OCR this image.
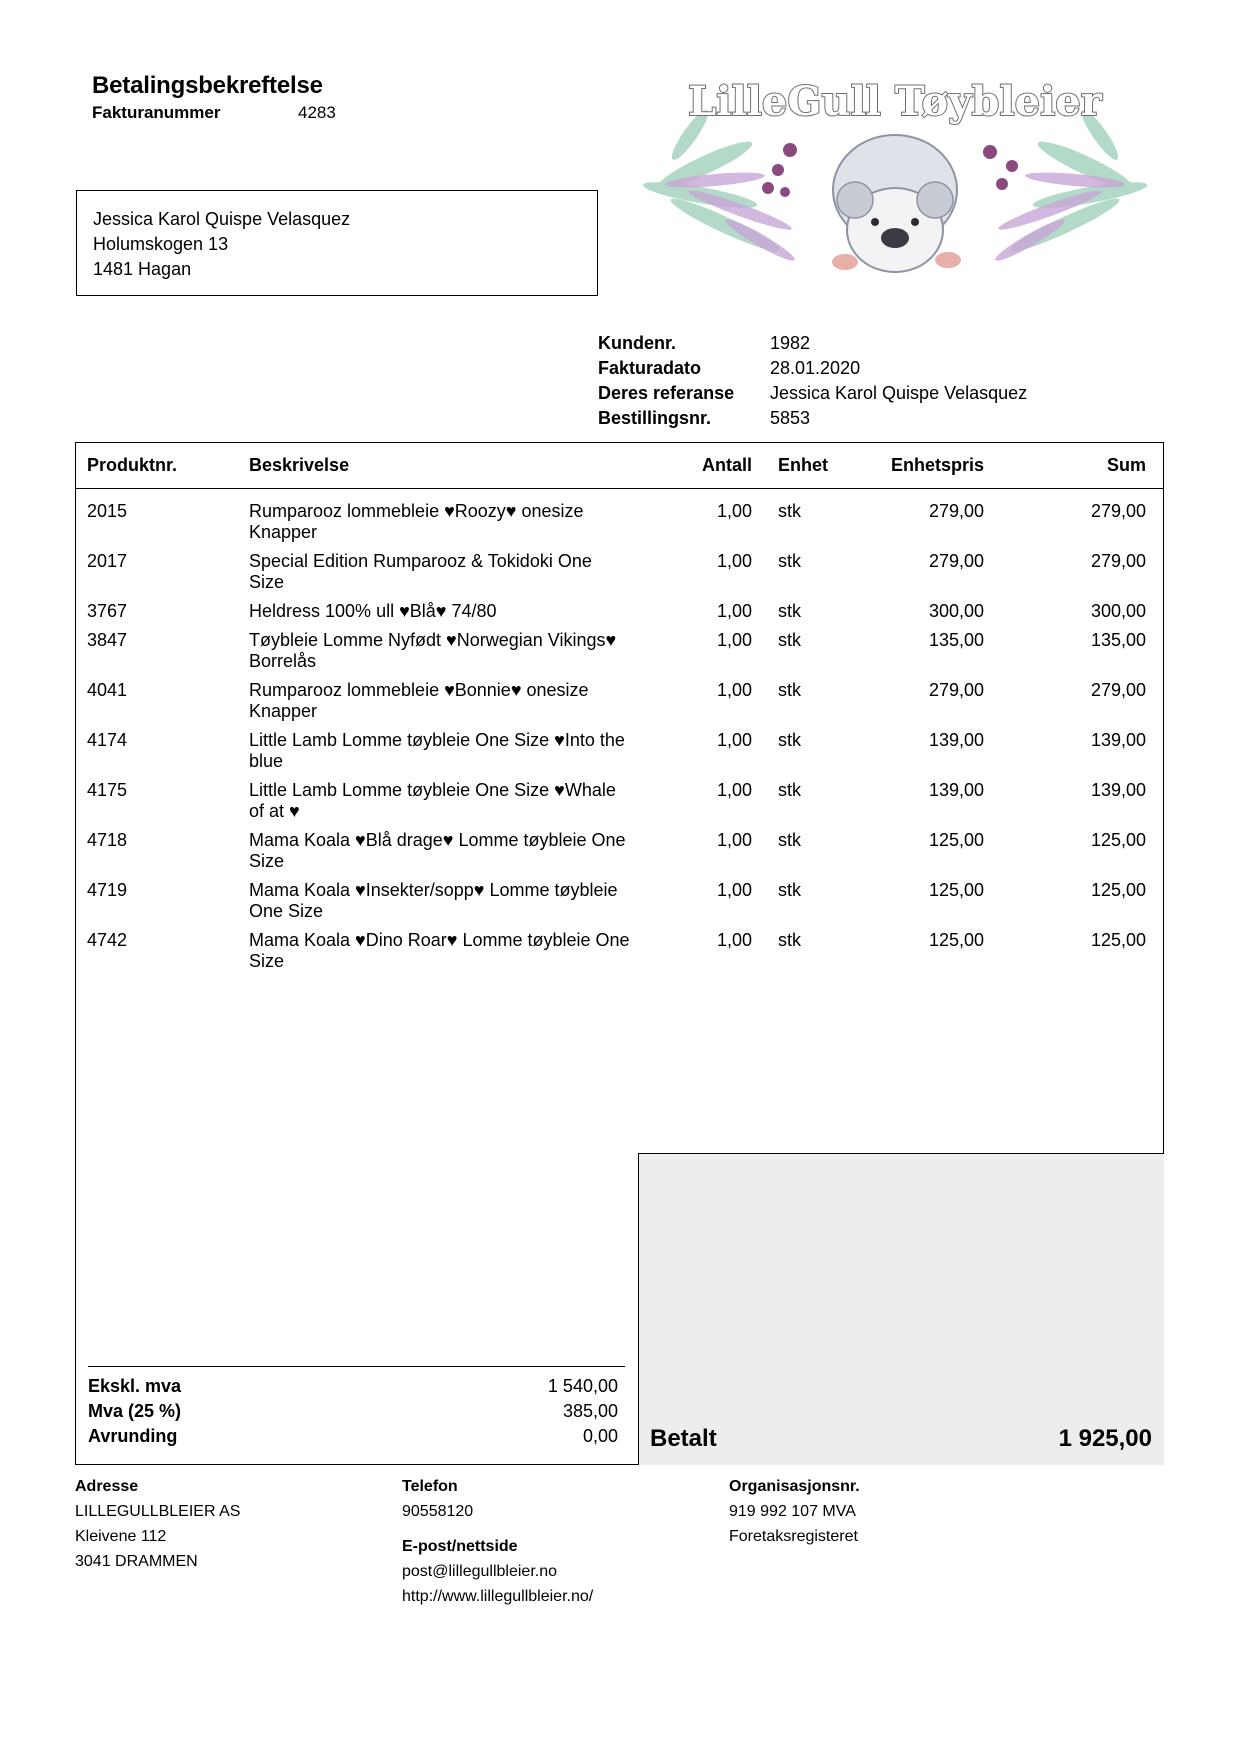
Betalingsbekreftelse
Fakturanummer	4283	LilleGull Tøybleier
Jessica Karol Quispe Velasquez
Holumskogen 13
1481 Hagan
Kundenr.	1982
Fakturadato	28.01.2020
Deres referanse Jessica Karol Quispe Velasquez
Bestillingsnr.	5853
Produktnr.	Beskrivelse	Antall Enhet	Enhetspris	Sum
2015	Rumparooz lommebleie ♥Roozy♥ onesize
Knapper
1,00 stk	279,00	279,00
2017	Special Edition Rumparooz & Tokidoki One
Size
1,00 stk	279,00	279,00
3767	Heldress 100% ull ♥Blå♥ 74/80	1,00 stk	300,00	300,00
3847	Tøybleie Lomme Nyfødt ♥Norwegian Vikings♥
Borrelås
1,00 stk	135,00	135,00
4041	Rumparooz lommebleie ♥Bonnie♥ onesize
Knapper
1,00 stk	279,00	279,00
4174	Little Lamb Lomme tøybleie One Size ♥Into the
blue
1,00 stk	139,00	139,00
4175	Little Lamb Lomme tøybleie One Size ♥Whale
of at ♥
1,00 stk	139,00	139,00
4718	Mama Koala ♥Blå drage♥ Lomme tøybleie One
Size
1,00 stk	125,00	125,00
4719	Mama Koala ♥Insekter/sopp♥ Lomme tøybleie
One Size
1,00 stk	125,00	125,00
4742	Mama Koala ♥Dino Roar♥ Lomme tøybleie One
Size
1,00 stk	125,00	125,00
Ekskl. mva	1 540,00
Mva (25 %)	385,00
Avrunding	0,00 Betalt	1 925,00
Adresse
LILLEGULLBLEIER AS
Kleivene 112
3041 DRAMMEN
Telefon
90558120
E-post/nettside
post@lillegullbleier.no
http://www.lillegullbleier.no/
Organisasjonsnr.
919 992 107 MVA
Foretaksregisteret
